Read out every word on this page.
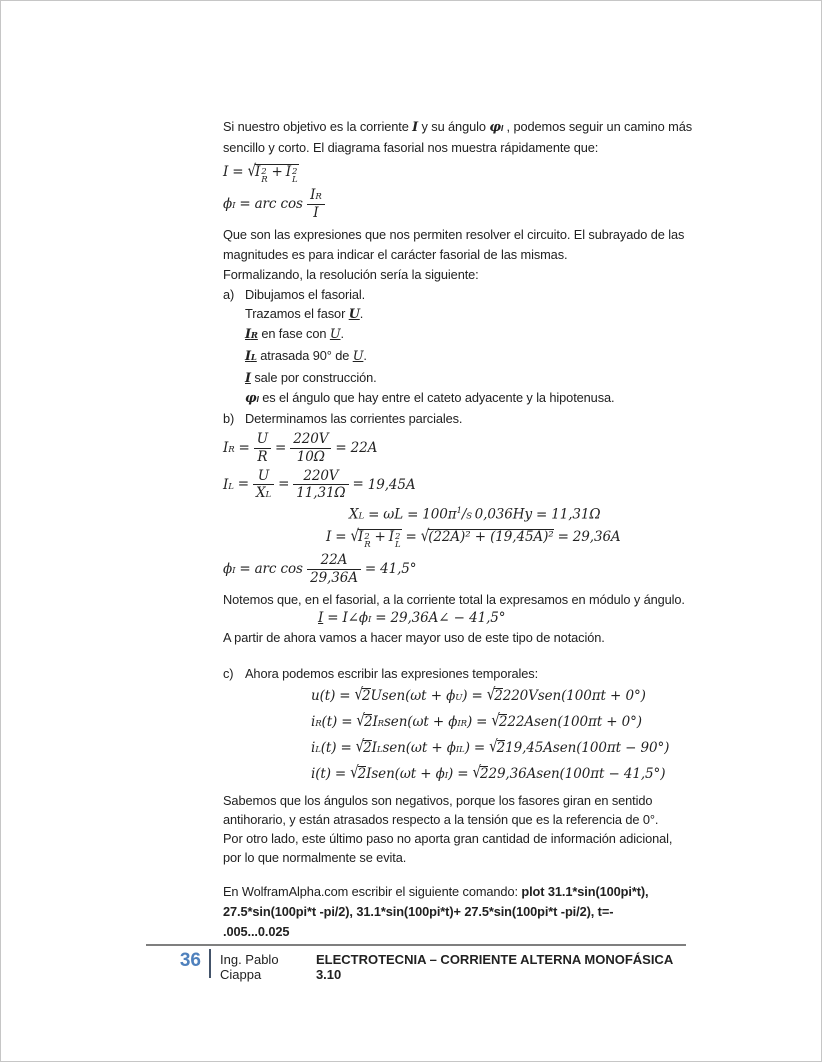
Si nuestro objetivo es la corriente I y su ángulo φI , podemos seguir un camino más
sencillo y corto. El diagrama fasorial nos muestra rápidamente que:
I = √I 2
R
+ I 2
L
ϕI = arc $\cos \frac{IR}{I}$
Que son las expresiones que nos permiten resolver el circuito. El subrayado de las
magnitudes es para indicar el carácter fasorial de las mismas.
Formalizando, la resolución sería la siguiente:
a) Dibujamos el fasorial.
Trazamos el fasor U.
IR en fase con U.
IL atrasada 90° de U.
I sale por construcción.
φI es el ángulo que hay entre el cateto adyacente y la hipotenusa.
b) Determinamos las corrientes parciales.
IR = $\frac{U}{R} = \frac{220V}{10\Omega} = 22A$
IL = $\frac{U}{XL} = \frac{220V}{11,31\Omega} = 19,45A$
XL = $\omega L = 100\pi^1/S$  0,036Hy = 11,31Ω
I = √I 2
R
+ I 2
L
= √(22A)² + (19,45A)² = 29,36A
ϕI = arc $\cos \frac{22A}{29,36A} = 41,5^\circ$
Notemos que, en el fasorial, a la corriente total la expresamos en módulo y ángulo.
I = I∠ϕI = 29,36A∠ − 41,5°
A partir de ahora vamos a hacer mayor uso de este tipo de notación.
c) Ahora podemos escribir las expresiones temporales:
u(t) = √2Usen(ωt + ϕU) = √2220Vsen(100πt + 0°)
iR(t) = √2IRsen(ωt + ϕIR) = √222Asen(100πt + 0°)
iL(t) = √2ILsen(ωt + ϕIL) = √219,45Asen(100πt − 90°)
i(t) = √2Isen(ωt + ϕI) = √229,36Asen(100πt − 41,5°)
Sabemos que los ángulos son negativos, porque los fasores giran en sentido
antihorario, y están atrasados respecto a la tensión que es la referencia de 0°.
Por otro lado, este último paso no aporta gran cantidad de información adicional,
por lo que normalmente se evita.
En WolframAlpha.com escribir el siguiente comando: plot 31.1*sin(100pi*t),
27.5*sin(100pi*t -pi/2), 31.1*sin(100pi*t)+ 27.5*sin(100pi*t -pi/2), t=-
.005...0.025
36 Ing. Pablo Ciappa
ELECTROTECNIA – CORRIENTE ALTERNA MONOFÁSICA 3.10
